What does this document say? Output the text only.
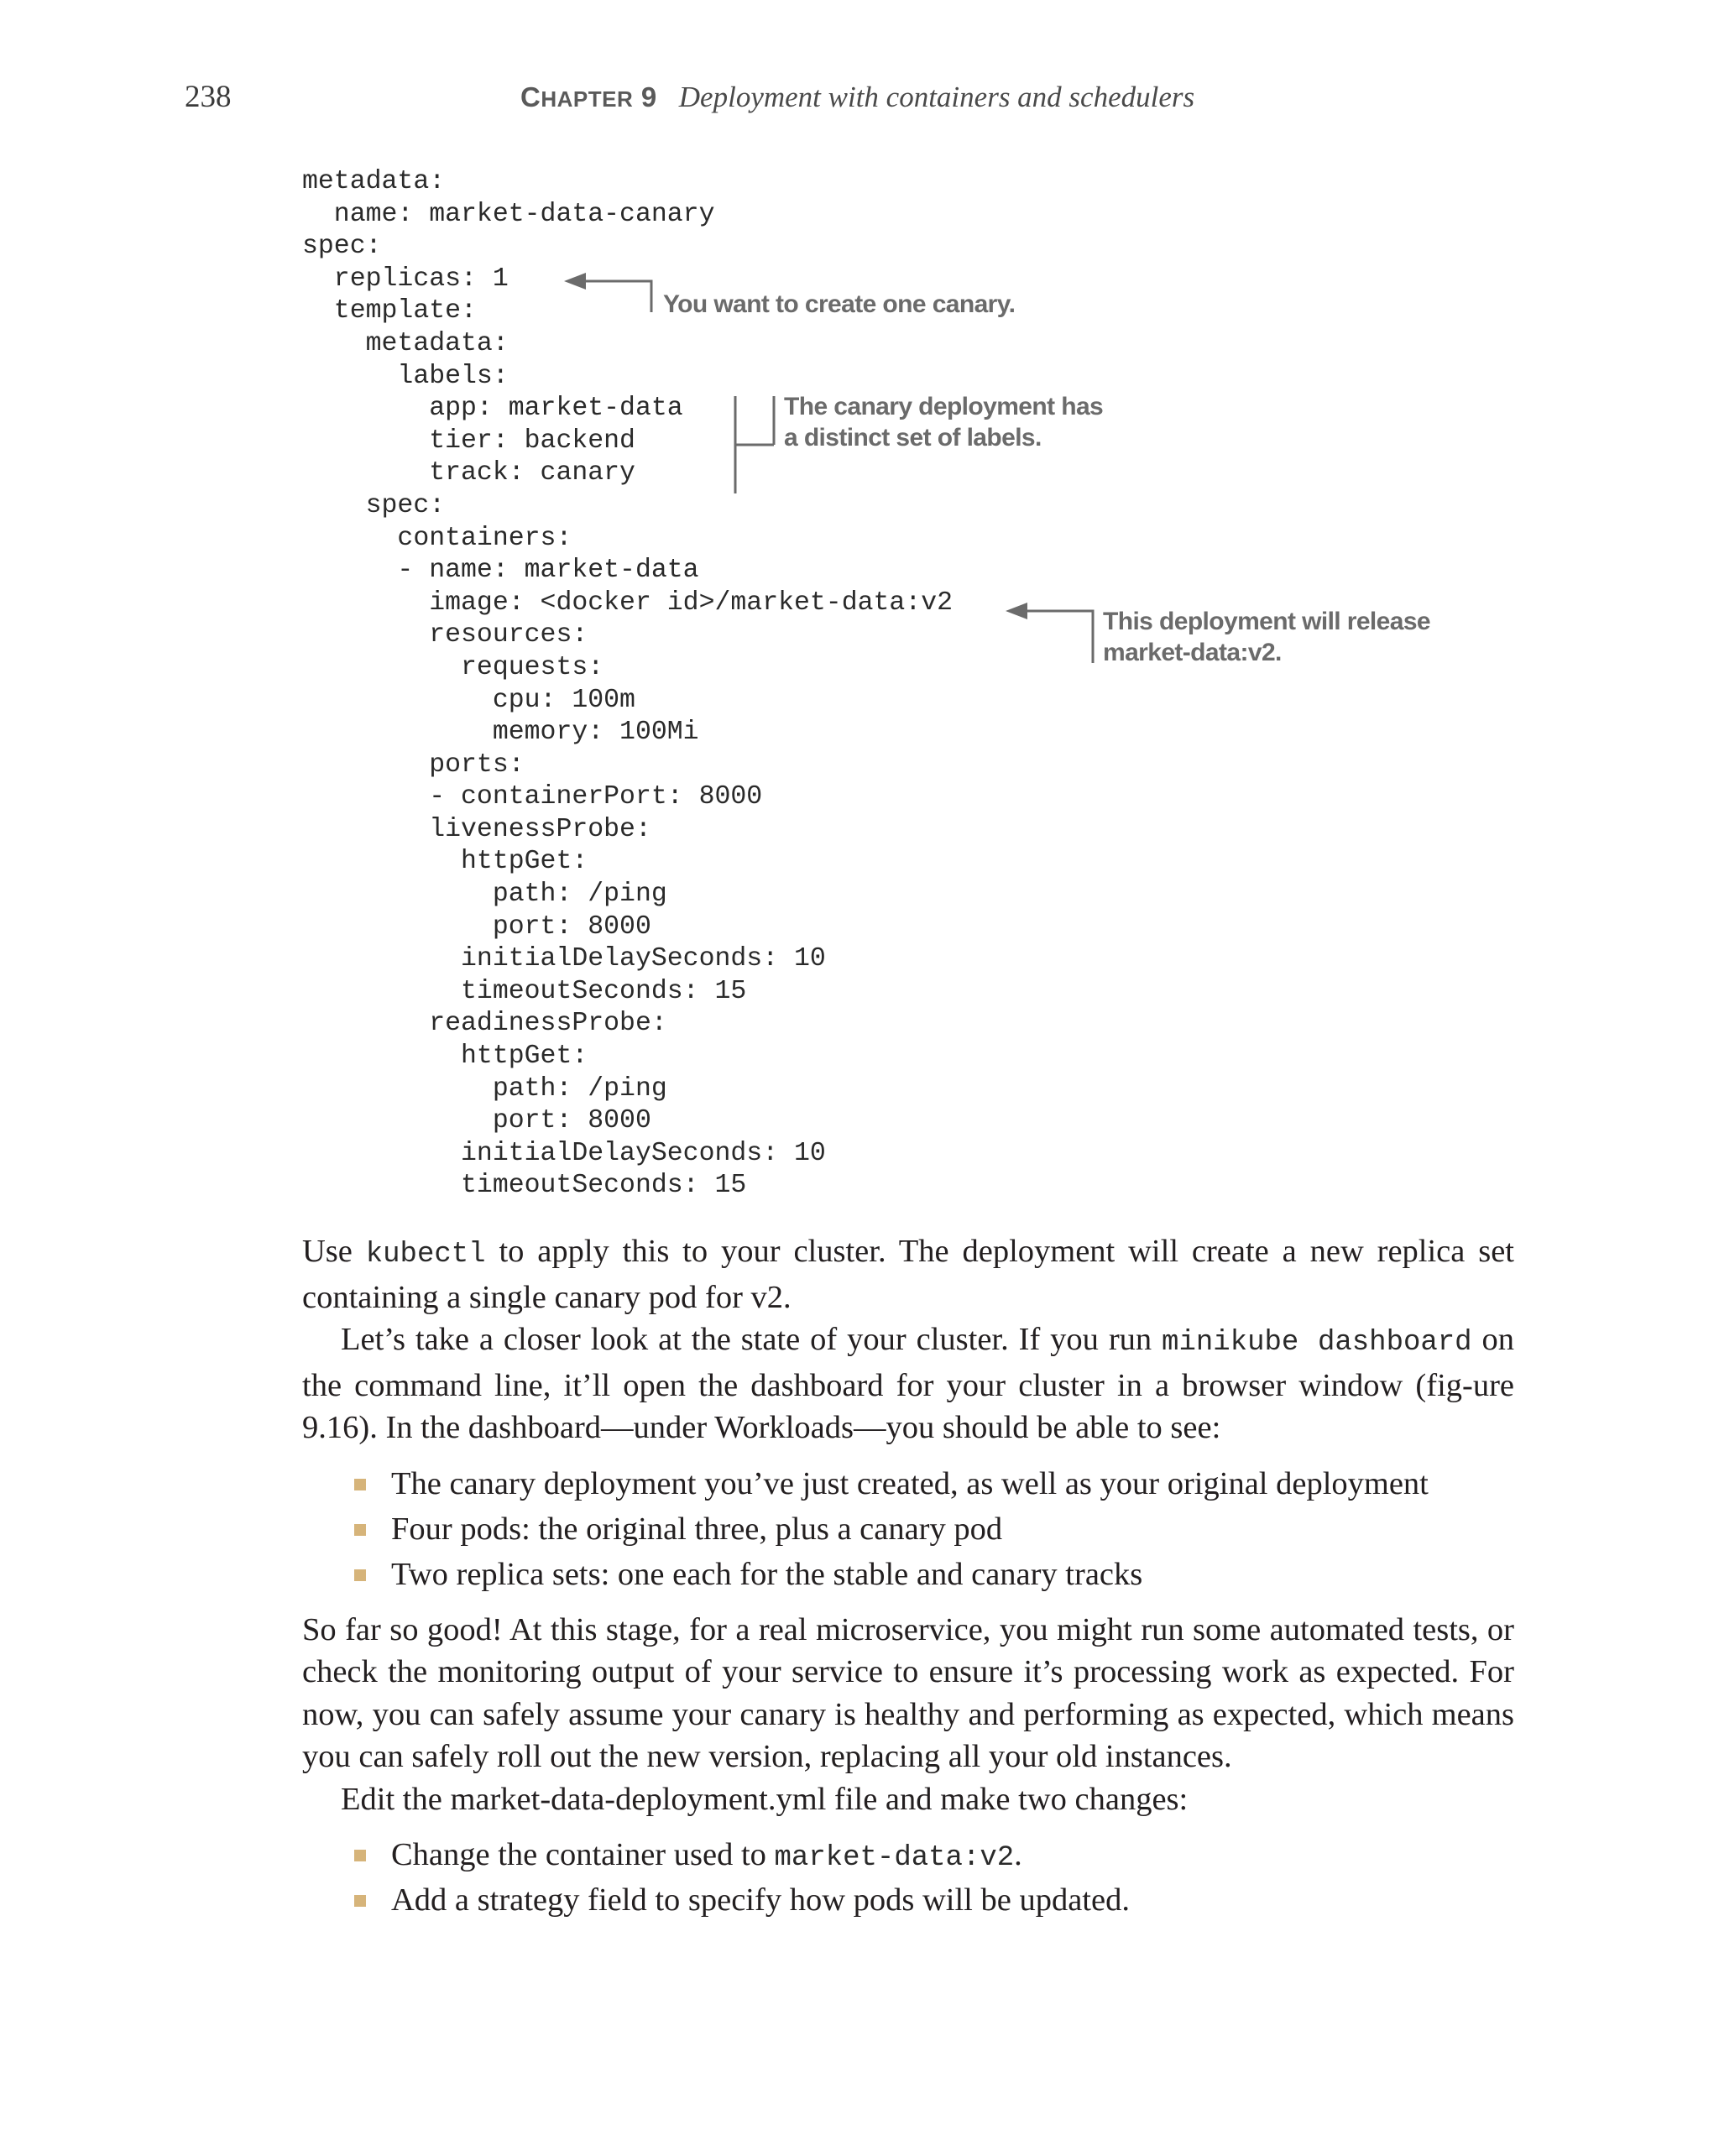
238	CHAPTER 9 Deployment with containers and schedulers
metadata:
name: market-data-canary
spec:
replicas: 1
template:
metadata:
labels:
app: market-data
tier: backend
track: canary
spec:
containers:
- name: market-data
image: <docker id>/market-data:v2
resources:
requests:
cpu: 100m
memory: 100Mi
ports:
- containerPort: 8000
livenessProbe:
httpGet:
path: /ping
port: 8000
initialDelaySeconds: 10
timeoutSeconds: 15
readinessProbe:
httpGet:
path: /ping
port: 8000
initialDelaySeconds: 10
timeoutSeconds: 15
You want to create one canary.
The canary deployment has
a distinct set of labels.
This deployment will release
market-data:v2.

Use kubectl to apply this to your cluster. The deployment will create a new replica set containing a single canary pod for v2.

Let’s take a closer look at the state of your cluster. If you run minikube dashboard on the command line, it’ll open the dashboard for your cluster in a browser window (fig-ure 9.16). In the dashboard—under Workloads—you should be able to see:

The canary deployment you’ve just created, as well as your original deployment
Four pods: the original three, plus a canary pod
Two replica sets: one each for the stable and canary tracks

So far so good! At this stage, for a real microservice, you might run some automated tests, or check the monitoring output of your service to ensure it’s processing work as expected. For now, you can safely assume your canary is healthy and performing as expected, which means you can safely roll out the new version, replacing all your old instances.

Edit the market-data-deployment.yml file and make two changes:

Change the container used to market-data:v2.
Add a strategy field to specify how pods will be updated.
